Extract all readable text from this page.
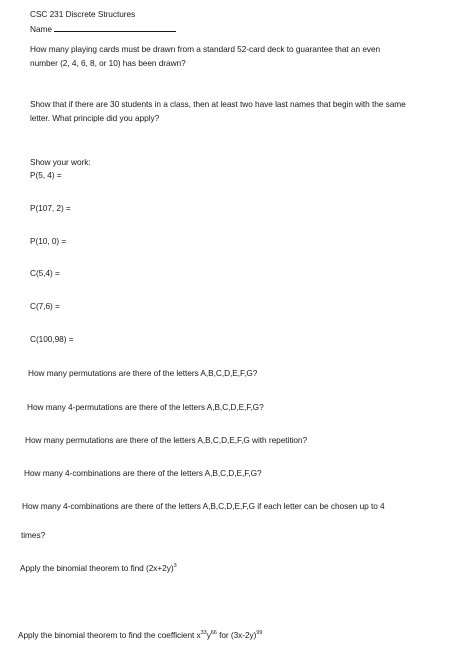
CSC 231 Discrete Structures
Name
How many playing cards must be drawn from a standard 52-card deck to guarantee that an even
number (2, 4, 6, 8, or 10) has been drawn?
Show that if there are 30 students in a class, then at least two have last names that begin with the same
letter. What principle did you apply?
Show your work:
P(5, 4) =
P(107, 2) =
P(10, 0) =
C(5,4) =
C(7,6) =
C(100,98) =
How many permutations are there of the letters A,B,C,D,E,F,G?
How many 4-permutations are there of the letters A,B,C,D,E,F,G?
How many permutations are there of the letters A,B,C,D,E,F,G with repetition?
How many 4-combinations are there of the letters A,B,C,D,E,F,G?
How many 4-combinations are there of the letters A,B,C,D,E,F,G if each letter can be chosen up to 4
times?
Apply the binomial theorem to find $(2x+2y)^3$
Apply the binomial theorem to find the coefficient $x^{33}y^{66}$ for $(3x-2y)^{99}$
